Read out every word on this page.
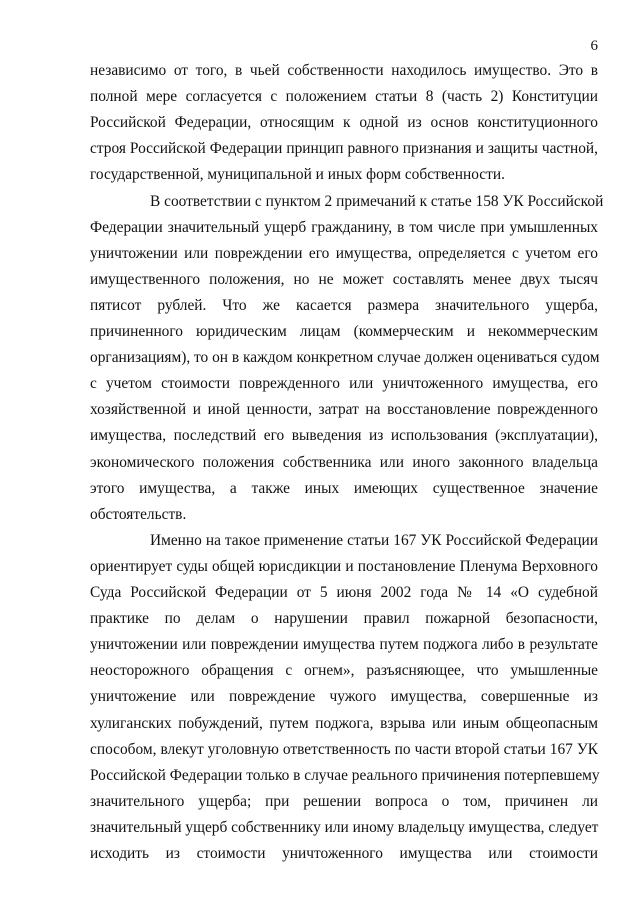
6
независимо от того, в чьей собственности находилось имущество. Это в
полной мере согласуется с положением статьи 8 (часть 2) Конституции
Российской Федерации, относящим к одной из основ конституционного
строя Российской Федерации принцип равного признания и защиты частной,
государственной, муниципальной и иных форм собственности.
В соответствии с пунктом 2 примечаний к статье 158 УК Российской
Федерации значительный ущерб гражданину, в том числе при умышленных
уничтожении или повреждении его имущества, определяется с учетом его
имущественного положения, но не может составлять менее двух тысяч
пятисот рублей. Что же касается размера значительного ущерба,
причиненного юридическим лицам (коммерческим и некоммерческим
организациям), то он в каждом конкретном случае должен оцениваться судом
с учетом стоимости поврежденного или уничтоженного имущества, его
хозяйственной и иной ценности, затрат на восстановление поврежденного
имущества, последствий его выведения из использования (эксплуатации),
экономического положения собственника или иного законного владельца
этого имущества, а также иных имеющих существенное значение
обстоятельств.
Именно на такое применение статьи 167 УК Российской Федерации
ориентирует суды общей юрисдикции и постановление Пленума Верховного
Суда Российской Федерации от 5 июня 2002 года № 14 «О судебной
практике по делам о нарушении правил пожарной безопасности,
уничтожении или повреждении имущества путем поджога либо в результате
неосторожного обращения с огнем», разъясняющее, что умышленные
уничтожение или повреждение чужого имущества, совершенные из
хулиганских побуждений, путем поджога, взрыва или иным общеопасным
способом, влекут уголовную ответственность по части второй статьи 167 УК
Российской Федерации только в случае реального причинения потерпевшему
значительного ущерба; при решении вопроса о том, причинен ли
значительный ущерб собственнику или иному владельцу имущества, следует
исходить из стоимости уничтоженного имущества или стоимости
